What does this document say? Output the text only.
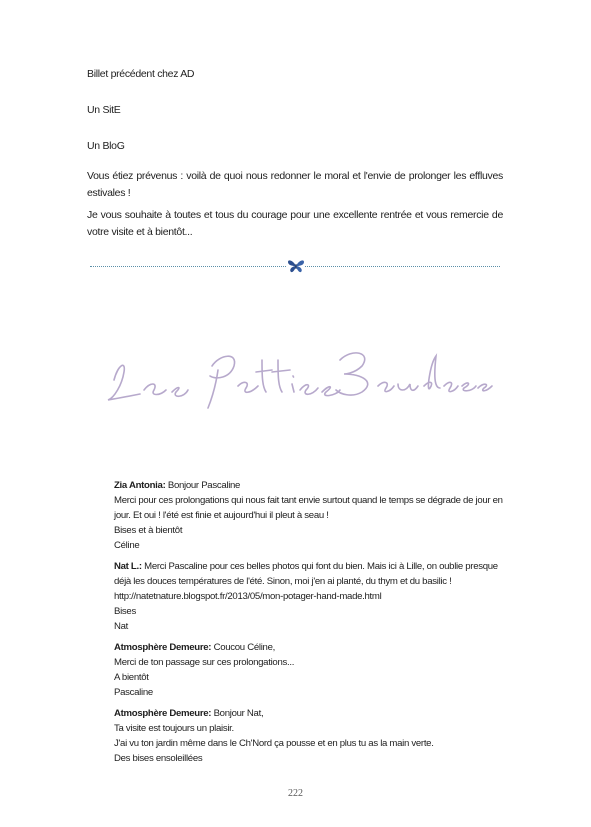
Billet précédent chez AD

Un SitE

Un BloG

Vous étiez prévenus : voilà de quoi nous redonner le moral et l'envie de prolonger les effluves estivales !

Je vous souhaite à toutes et tous du courage pour une excellente rentrée et vous remercie de votre visite et à bientôt...

Zia Antonia: Bonjour Pascaline
Merci pour ces prolongations qui nous fait tant envie surtout quand le temps se dégrade de jour en jour. Et oui ! l'été est finie et aujourd'hui il pleut à seau !
Bises et à bientôt
Céline
Nat L.: Merci Pascaline pour ces belles photos qui font du bien. Mais ici à Lille, on oublie presque déjà les douces températures de l'été. Sinon, moi j'en ai planté, du thym et du basilic !
http://natetnature.blogspot.fr/2013/05/mon-potager-hand-made.html
Bises
Nat
Atmosphère Demeure: Coucou Céline,
Merci de ton passage sur ces prolongations...
A bientôt
Pascaline
Atmosphère Demeure: Bonjour Nat,
Ta visite est toujours un plaisir.
J'ai vu ton jardin même dans le Ch'Nord ça pousse et en plus tu as la main verte.
Des bises ensoleillées
222
